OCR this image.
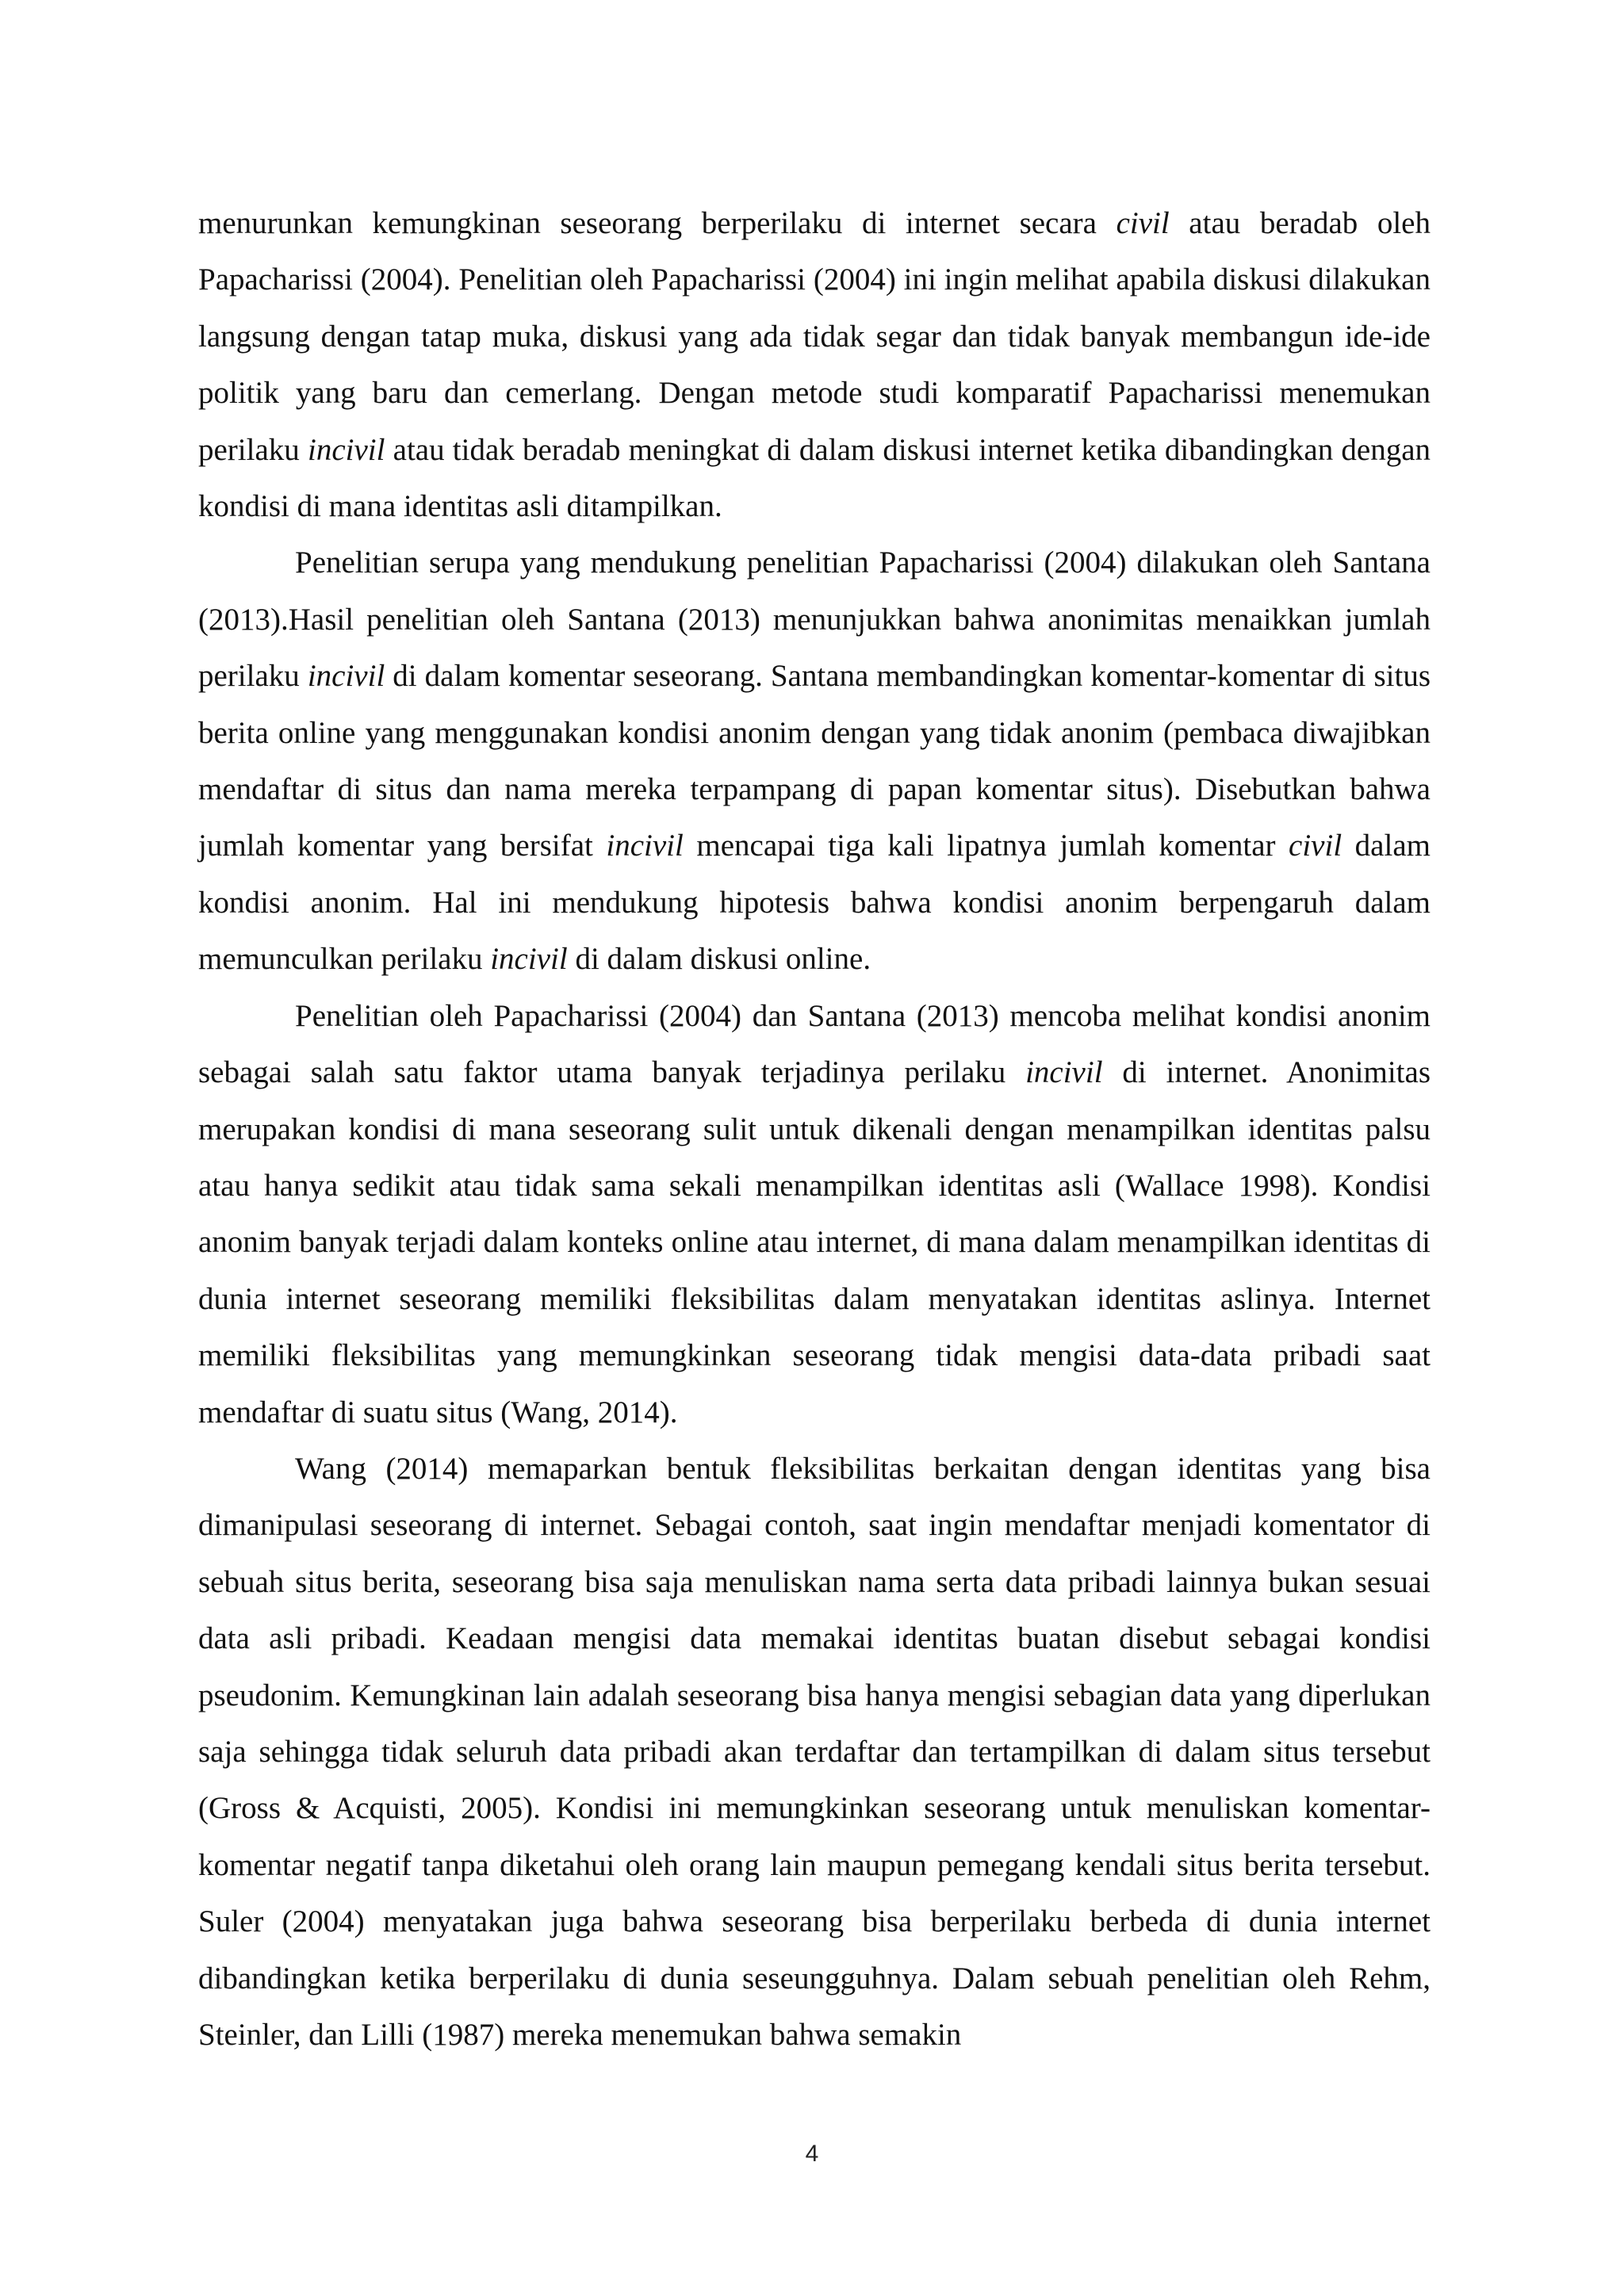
menurunkan kemungkinan seseorang berperilaku di internet secara civil atau beradab oleh Papacharissi (2004). Penelitian oleh Papacharissi (2004) ini ingin melihat apabila diskusi dilakukan langsung dengan tatap muka, diskusi yang ada tidak segar dan tidak banyak membangun ide-ide politik yang baru dan cemerlang. Dengan metode studi komparatif Papacharissi menemukan perilaku incivil atau tidak beradab meningkat di dalam diskusi internet ketika dibandingkan dengan kondisi di mana identitas asli ditampilkan.

Penelitian serupa yang mendukung penelitian Papacharissi (2004) dilakukan oleh Santana (2013).Hasil penelitian oleh Santana (2013) menunjukkan bahwa anonimitas menaikkan jumlah perilaku incivil di dalam komentar seseorang. Santana membandingkan komentar-komentar di situs berita online yang menggunakan kondisi anonim dengan yang tidak anonim (pembaca diwajibkan mendaftar di situs dan nama mereka terpampang di papan komentar situs). Disebutkan bahwa jumlah komentar yang bersifat incivil mencapai tiga kali lipatnya jumlah komentar civil dalam kondisi anonim. Hal ini mendukung hipotesis bahwa kondisi anonim berpengaruh dalam memunculkan perilaku incivil di dalam diskusi online.

Penelitian oleh Papacharissi (2004) dan Santana (2013) mencoba melihat kondisi anonim sebagai salah satu faktor utama banyak terjadinya perilaku incivil di internet. Anonimitas merupakan kondisi di mana seseorang sulit untuk dikenali dengan menampilkan identitas palsu atau hanya sedikit atau tidak sama sekali menampilkan identitas asli (Wallace 1998). Kondisi anonim banyak terjadi dalam konteks online atau internet, di mana dalam menampilkan identitas di dunia internet seseorang memiliki fleksibilitas dalam menyatakan identitas aslinya. Internet memiliki fleksibilitas yang memungkinkan seseorang tidak mengisi data-data pribadi saat mendaftar di suatu situs (Wang, 2014).

Wang (2014) memaparkan bentuk fleksibilitas berkaitan dengan identitas yang bisa dimanipulasi seseorang di internet. Sebagai contoh, saat ingin mendaftar menjadi komentator di sebuah situs berita, seseorang bisa saja menuliskan nama serta data pribadi lainnya bukan sesuai data asli pribadi. Keadaan mengisi data memakai identitas buatan disebut sebagai kondisi pseudonim. Kemungkinan lain adalah seseorang bisa hanya mengisi sebagian data yang diperlukan saja sehingga tidak seluruh data pribadi akan terdaftar dan tertampilkan di dalam situs tersebut (Gross & Acquisti, 2005). Kondisi ini memungkinkan seseorang untuk menuliskan komentar-komentar negatif tanpa diketahui oleh orang lain maupun pemegang kendali situs berita tersebut. Suler (2004) menyatakan juga bahwa seseorang bisa berperilaku berbeda di dunia internet dibandingkan ketika berperilaku di dunia seseungguhnya. Dalam sebuah penelitian oleh Rehm, Steinler, dan Lilli (1987) mereka menemukan bahwa semakin

4
